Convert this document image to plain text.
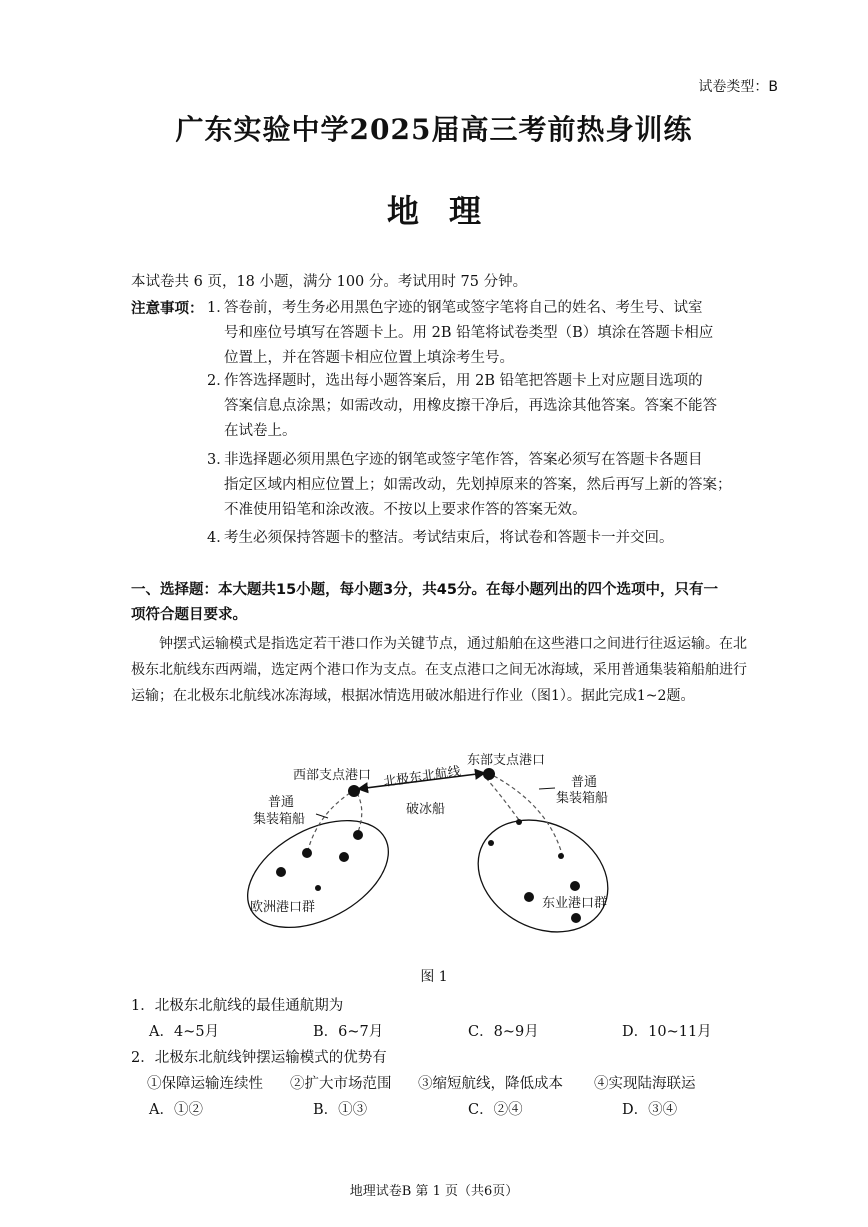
试卷类型：B
广东实验中学2025届高三考前热身训练
地理
本试卷共 6 页，18 小题，满分 100 分。考试用时 75 分钟。
注意事项： 1．
答卷前，考生务必用黑色字迹的钢笔或签字笔将自己的姓名、考生号、试室
号和座位号填写在答题卡上。用 2B 铅笔将试卷类型（B）填涂在答题卡相应
位置上，并在答题卡相应位置上填涂考生号。
2．
作答选择题时，选出每小题答案后，用 2B 铅笔把答题卡上对应题目选项的
答案信息点涂黑；如需改动，用橡皮擦干净后，再选涂其他答案。答案不能答
在试卷上。
3．
非选择题必须用黑色字迹的钢笔或签字笔作答，答案必须写在答题卡各题目
指定区域内相应位置上；如需改动，先划掉原来的答案，然后再写上新的答案；
不准使用铅笔和涂改液。不按以上要求作答的答案无效。
4．
考生必须保持答题卡的整洁。考试结束后，将试卷和答题卡一并交回。
一、选择题：本大题共15小题，每小题3分，共45分。在每小题列出的四个选项中，只有一
项符合题目要求。
钟摆式运输模式是指选定若干港口作为关键节点，通过船舶在这些港口之间进行往返运输。在北极东北航线东西两端，选定两个港口作为支点。在支点港口之间无冰海域，采用普通集装箱船舶进行运输；在北极东北航线冰冻海域，根据冰情选用破冰船进行作业（图1）。据此完成1~2题。
西部支点港口
东部支点港口
北极东北航线
破冰船
普通
集装箱船
普通
集装箱船
欧洲港口群	东业港口群
图 1
1．北极东北航线的最佳通航期为
A．4~5月	B．6~7月	C．8~9月	D．10~11月
2．北极东北航线钟摆运输模式的优势有
①保障运输连续性 ②扩大市场范围 ③缩短航线，降低成本 ④实现陆海联运
A．①②	B．①③	C．②④	D．③④
地理试卷B 第 1 页（共6页）
